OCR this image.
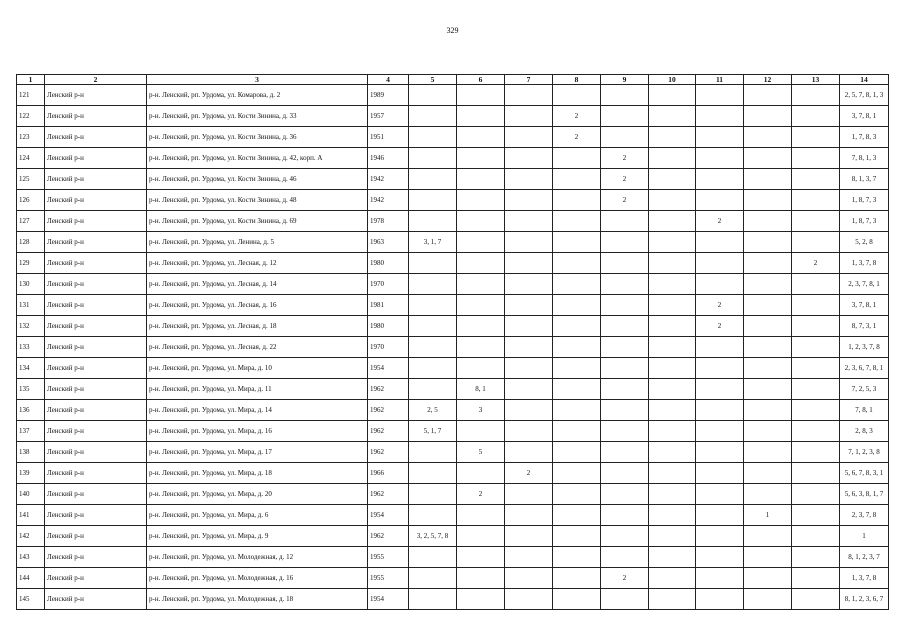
329
1	2	3	4	5	6	7	8	9	10	11	12	13	14
121	Ленский р-н	р-н. Ленский, рп. Урдома, ул. Комарова, д. 2	1989										2, 5, 7, 8, 1, 3
122	Ленский р-н	р-н. Ленский, рп. Урдома, ул. Кости Зинина, д. 33	1957				2						3, 7, 8, 1
123	Ленский р-н	р-н. Ленский, рп. Урдома, ул. Кости Зинина, д. 36	1951				2						1, 7, 8, 3
124	Ленский р-н	р-н. Ленский, рп. Урдома, ул. Кости Зинина, д. 42, корп. А	1946					2					7, 8, 1, 3
125	Ленский р-н	р-н. Ленский, рп. Урдома, ул. Кости Зинина, д. 46	1942					2					8, 1, 3, 7
126	Ленский р-н	р-н. Ленский, рп. Урдома, ул. Кости Зинина, д. 48	1942					2					1, 8, 7, 3
127	Ленский р-н	р-н. Ленский, рп. Урдома, ул. Кости Зинина, д. 69	1978							2			1, 8, 7, 3
128	Ленский р-н	р-н. Ленский, рп. Урдома, ул. Ленина, д. 5	1963	3, 1, 7									5, 2, 8
129	Ленский р-н	р-н. Ленский, рп. Урдома, ул. Лесная, д. 12	1980									2	1, 3, 7, 8
130	Ленский р-н	р-н. Ленский, рп. Урдома, ул. Лесная, д. 14	1970										2, 3, 7, 8, 1
131	Ленский р-н	р-н. Ленский, рп. Урдома, ул. Лесная, д. 16	1981							2			3, 7, 8, 1
132	Ленский р-н	р-н. Ленский, рп. Урдома, ул. Лесная, д. 18	1980							2			8, 7, 3, 1
133	Ленский р-н	р-н. Ленский, рп. Урдома, ул. Лесная, д. 22	1970										1, 2, 3, 7, 8
134	Ленский р-н	р-н. Ленский, рп. Урдома, ул. Мира, д. 10	1954										2, 3, 6, 7, 8, 1
135	Ленский р-н	р-н. Ленский, рп. Урдома, ул. Мира, д. 11	1962		8, 1								7, 2, 5, 3
136	Ленский р-н	р-н. Ленский, рп. Урдома, ул. Мира, д. 14	1962	2, 5	3								7, 8, 1
137	Ленский р-н	р-н. Ленский, рп. Урдома, ул. Мира, д. 16	1962	5, 1, 7									2, 8, 3
138	Ленский р-н	р-н. Ленский, рп. Урдома, ул. Мира, д. 17	1962		5								7, 1, 2, 3, 8
139	Ленский р-н	р-н. Ленский, рп. Урдома, ул. Мира, д. 18	1966			2							5, 6, 7, 8, 3, 1
140	Ленский р-н	р-н. Ленский, рп. Урдома, ул. Мира, д. 20	1962		2								5, 6, 3, 8, 1, 7
141	Ленский р-н	р-н. Ленский, рп. Урдома, ул. Мира, д. 6	1954								1		2, 3, 7, 8
142	Ленский р-н	р-н. Ленский, рп. Урдома, ул. Мира, д. 9	1962	3, 2, 5, 7, 8									1
143	Ленский р-н	р-н. Ленский, рп. Урдома, ул. Молодежная, д. 12	1955										8, 1, 2, 3, 7
144	Ленский р-н	р-н. Ленский, рп. Урдома, ул. Молодежная, д. 16	1955					2					1, 3, 7, 8
145	Ленский р-н	р-н. Ленский, рп. Урдома, ул. Молодежная, д. 18	1954										8, 1, 2, 3, 6, 7
